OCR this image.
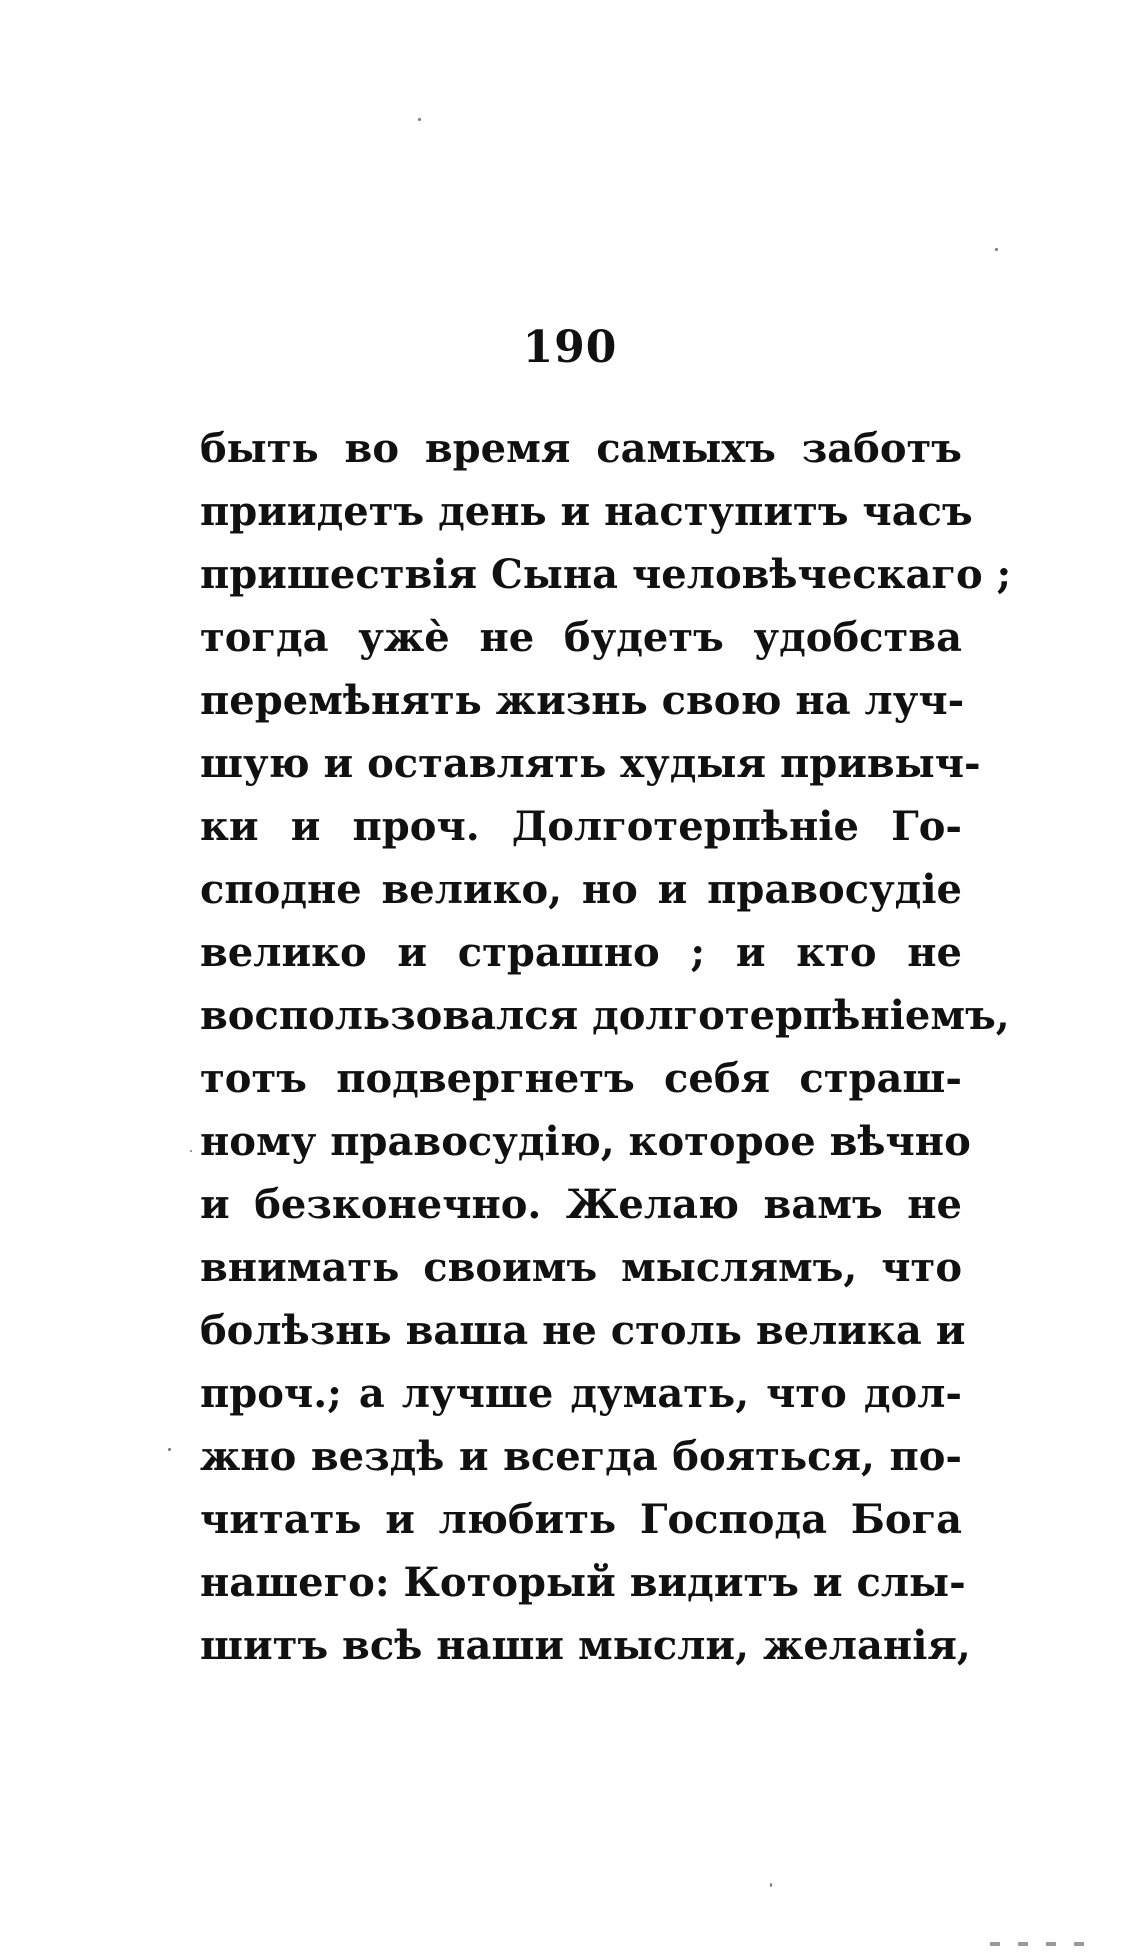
190
быть во время самыхъ заботъ
приидетъ день и наступитъ часъ
пришествія Сына человѣческаго ;
тогда ужè не будетъ удобства
перемѣнять жизнь свою на луч-
шую и оставлять худыя привыч-
ки и проч. Долготерпѣніе Го-
сподне велико, но и правосудіе
велико и страшно ; и кто не
воспользовался долготерпѣніемъ,
тотъ подвергнетъ себя страш-
ному правосудію, которое вѣчно
и безконечно. Желаю вамъ не
внимать своимъ мыслямъ, что
болѣзнь ваша не столь велика и
проч.; а лучше думать, что дол-
жно вездѣ и всегда бояться, по-
читать и любить Господа Бога
нашего: Который видитъ и слы-
шитъ всѣ наши мысли, желанія,
